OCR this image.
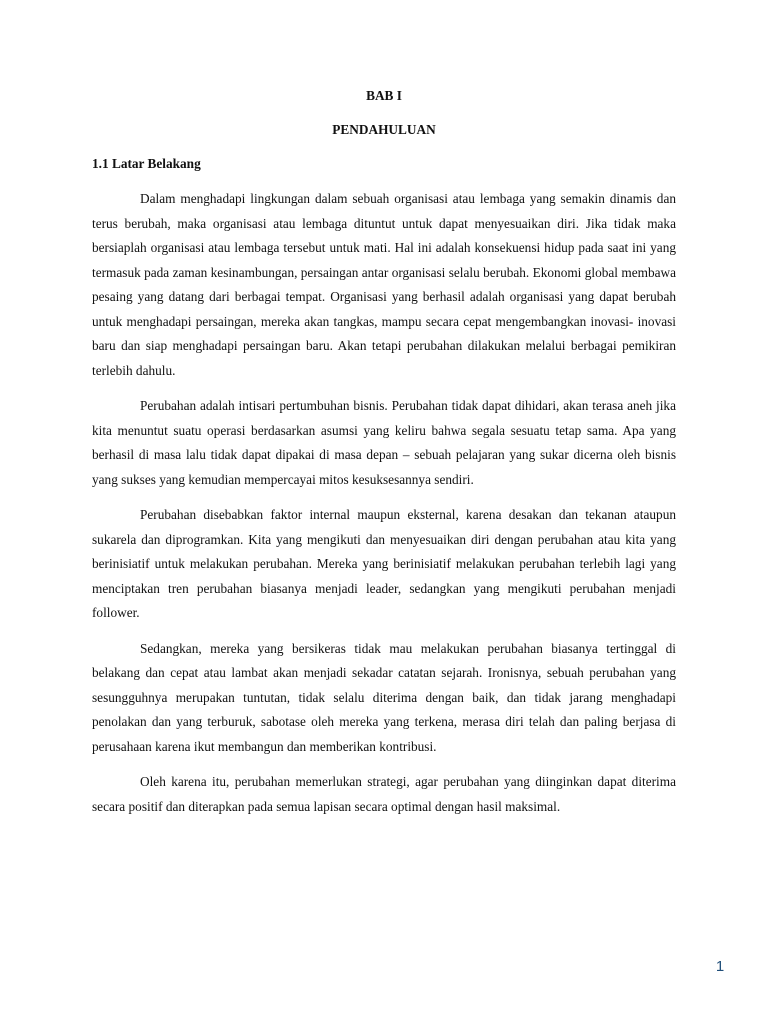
BAB I
PENDAHULUAN
1.1 Latar Belakang

Dalam menghadapi lingkungan dalam sebuah organisasi atau lembaga yang semakin dinamis dan terus berubah, maka organisasi atau lembaga dituntut untuk dapat menyesuaikan diri. Jika tidak maka bersiaplah organisasi atau lembaga tersebut untuk mati. Hal ini adalah konsekuensi hidup pada saat ini yang termasuk pada zaman kesinambungan, persaingan antar organisasi selalu berubah. Ekonomi global membawa pesaing yang datang dari berbagai tempat. Organisasi yang berhasil adalah organisasi yang dapat berubah untuk menghadapi persaingan, mereka akan tangkas, mampu secara cepat mengembangkan inovasi- inovasi baru dan siap menghadapi persaingan baru. Akan tetapi perubahan dilakukan melalui berbagai pemikiran terlebih dahulu.

Perubahan adalah intisari pertumbuhan bisnis. Perubahan tidak dapat dihidari, akan terasa aneh jika kita menuntut suatu operasi berdasarkan asumsi yang keliru bahwa segala sesuatu tetap sama. Apa yang berhasil di masa lalu tidak dapat dipakai di masa depan – sebuah pelajaran yang sukar dicerna oleh bisnis yang sukses yang kemudian mempercayai mitos kesuksesannya sendiri.

Perubahan disebabkan faktor internal maupun eksternal, karena desakan dan tekanan ataupun sukarela dan diprogramkan. Kita yang mengikuti dan menyesuaikan diri dengan perubahan atau kita yang berinisiatif untuk melakukan perubahan. Mereka yang berinisiatif melakukan perubahan terlebih lagi yang menciptakan tren perubahan biasanya menjadi leader, sedangkan yang mengikuti perubahan menjadi follower.

Sedangkan, mereka yang bersikeras tidak mau melakukan perubahan biasanya tertinggal di belakang dan cepat atau lambat akan menjadi sekadar catatan sejarah. Ironisnya, sebuah perubahan yang sesungguhnya merupakan tuntutan, tidak selalu diterima dengan baik, dan tidak jarang menghadapi penolakan dan yang terburuk, sabotase oleh mereka yang terkena, merasa diri telah dan paling berjasa di perusahaan karena ikut membangun dan memberikan kontribusi.

Oleh karena itu, perubahan memerlukan strategi, agar perubahan yang diinginkan dapat diterima secara positif dan diterapkan pada semua lapisan secara optimal dengan hasil maksimal.

1
